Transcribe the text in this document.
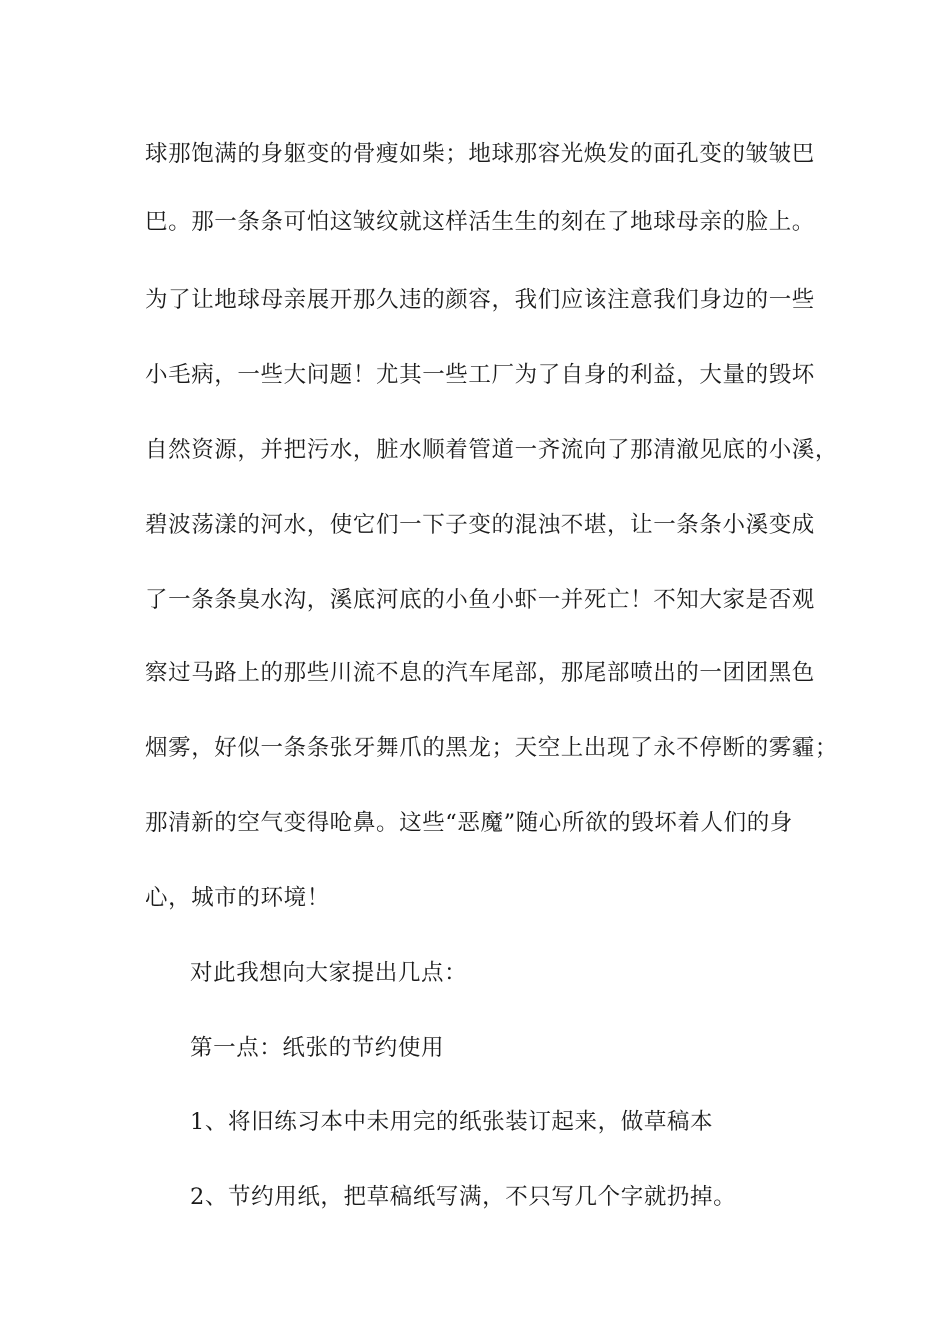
球那饱满的身躯变的骨瘦如柴；地球那容光焕发的面孔变的皱皱巴
巴。那一条条可怕这皱纹就这样活生生的刻在了地球母亲的脸上。
为了让地球母亲展开那久违的颜容，我们应该注意我们身边的一些
小毛病，一些大问题！尤其一些工厂为了自身的利益，大量的毁坏
自然资源，并把污水，脏水顺着管道一齐流向了那清澈见底的小溪，
碧波荡漾的河水，使它们一下子变的混浊不堪，让一条条小溪变成
了一条条臭水沟，溪底河底的小鱼小虾一并死亡！不知大家是否观
察过马路上的那些川流不息的汽车尾部，那尾部喷出的一团团黑色
烟雾，好似一条条张牙舞爪的黑龙；天空上出现了永不停断的雾霾；
那清新的空气变得呛鼻。这些“恶魔”随心所欲的毁坏着人们的身
心，城市的环境！
对此我想向大家提出几点：
第一点：纸张的节约使用
1、将旧练习本中未用完的纸张装订起来，做草稿本
2、节约用纸，把草稿纸写满，不只写几个字就扔掉。
